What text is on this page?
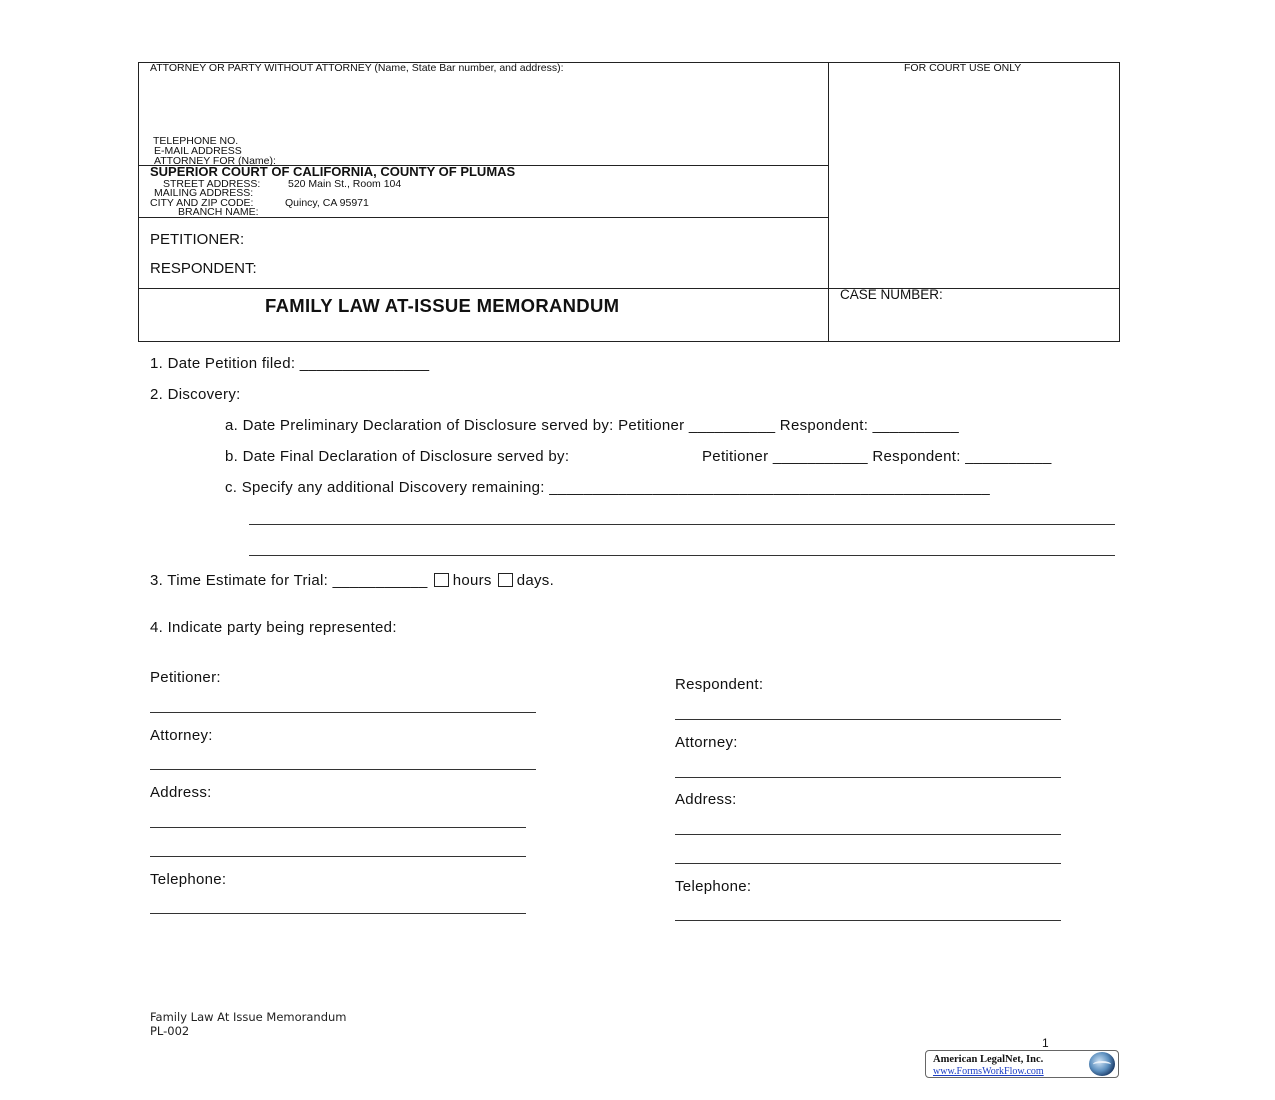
ATTORNEY OR PARTY WITHOUT ATTORNEY (Name, State Bar number, and address):	FOR COURT USE ONLY
TELEPHONE NO.
E-MAIL ADDRESS
ATTORNEY FOR (Name):
SUPERIOR COURT OF CALIFORNIA, COUNTY OF PLUMAS
STREET ADDRESS:	520 Main St., Room 104
MAILING ADDRESS:
CITY AND ZIP CODE:	Quincy, CA 95971
BRANCH NAME:
PETITIONER:
RESPONDENT:
FAMILY LAW AT-ISSUE MEMORANDUM
CASE NUMBER:
1. Date Petition filed: _______________
2. Discovery:
a. Date Preliminary Declaration of Disclosure served by: Petitioner __________ Respondent: __________
b. Date Final Declaration of Disclosure served by:	Petitioner ___________ Respondent: __________
c. Specify any additional Discovery remaining: ___________________________________________________
3. Time Estimate for Trial: ___________ hours days.
4. Indicate party being represented:
Petitioner:
Attorney:
Address:
Telephone:
Respondent:
Attorney:
Address:
Telephone:
Family Law At Issue Memorandum
PL-002
1
American LegalNet, Inc.
www.FormsWorkFlow.com
